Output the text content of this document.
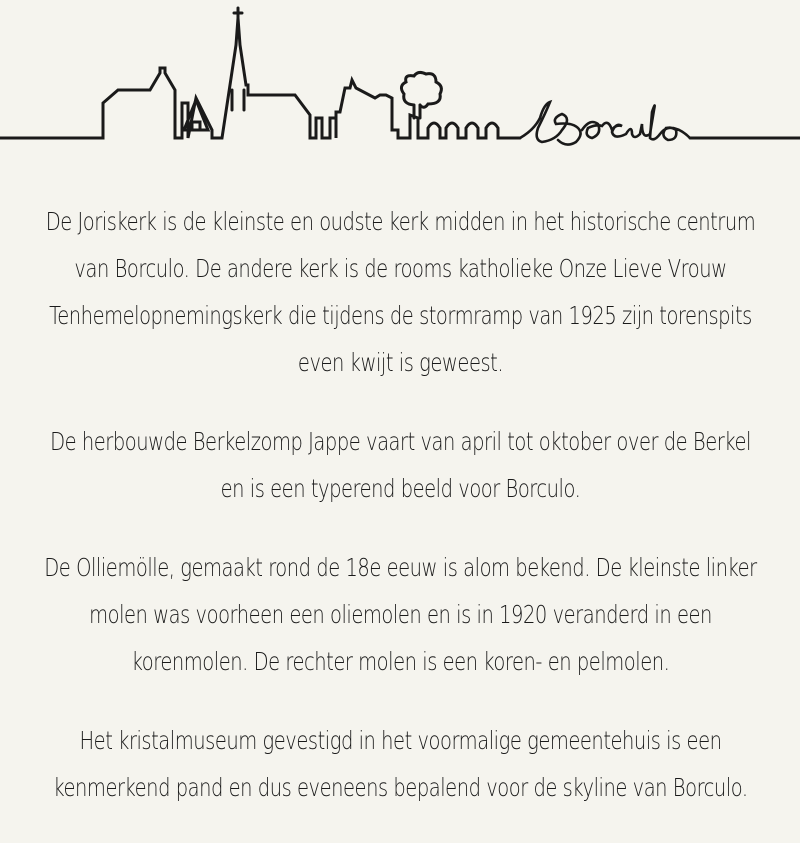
Borculo

De Joriskerk is de kleinste en oudste kerk midden in het historische centrum van Borculo. De andere kerk is de rooms katholieke Onze Lieve Vrouw Tenhemelopnemingskerk die tijdens de stormramp van 1925 zijn torenspits even kwijt is geweest.

De herbouwde Berkelzomp Jappe vaart van april tot oktober over de Berkel en is een typerend beeld voor Borculo.

De Olliemölle, gemaakt rond de 18e eeuw is alom bekend. De kleinste linker molen was voorheen een oliemolen en is in 1920 veranderd in een korenmolen. De rechter molen is een koren- en pelmolen.

Het kristalmuseum gevestigd in het voormalige gemeentehuis is een kenmerkend pand en dus eveneens bepalend voor de skyline van Borculo.
